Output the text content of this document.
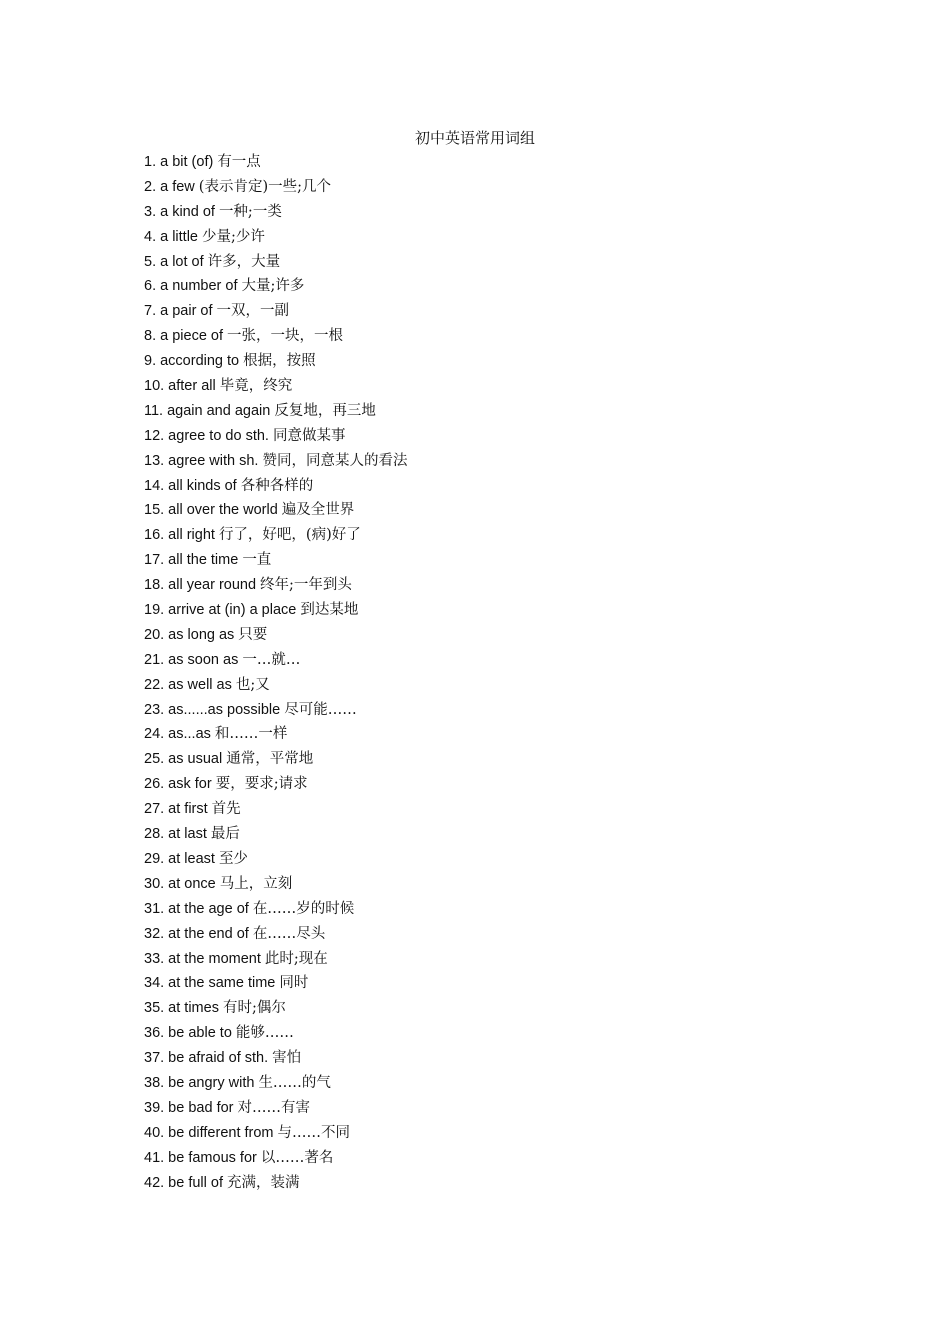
初中英语常用词组
1. a bit (of) 有一点
2. a few (表示肯定)一些;几个
3. a kind of 一种;一类
4. a little 少量;少许
5. a lot of 许多，大量
6. a number of 大量;许多
7. a pair of 一双，一副
8. a piece of 一张，一块，一根
9. according to 根据，按照
10. after all 毕竟，终究
11. again and again 反复地，再三地
12. agree to do sth. 同意做某事
13. agree with sh. 赞同，同意某人的看法
14. all kinds of 各种各样的
15. all over the world 遍及全世界
16. all right 行了，好吧，(病)好了
17. all the time 一直
18. all year round 终年;一年到头
19. arrive at (in) a place 到达某地
20. as long as 只要
21. as soon as 一…就…
22. as well as 也;又
23. as......as possible 尽可能……
24. as...as 和……一样
25. as usual 通常，平常地
26. ask for 要，要求;请求
27. at first 首先
28. at last 最后
29. at least 至少
30. at once 马上，立刻
31. at the age of 在……岁的时候
32. at the end of 在……尽头
33. at the moment 此时;现在
34. at the same time 同时
35. at times 有时;偶尔
36. be able to 能够……
37. be afraid of sth. 害怕
38. be angry with 生……的气
39. be bad for 对……有害
40. be different from 与……不同
41. be famous for 以……著名
42. be full of 充满，装满
